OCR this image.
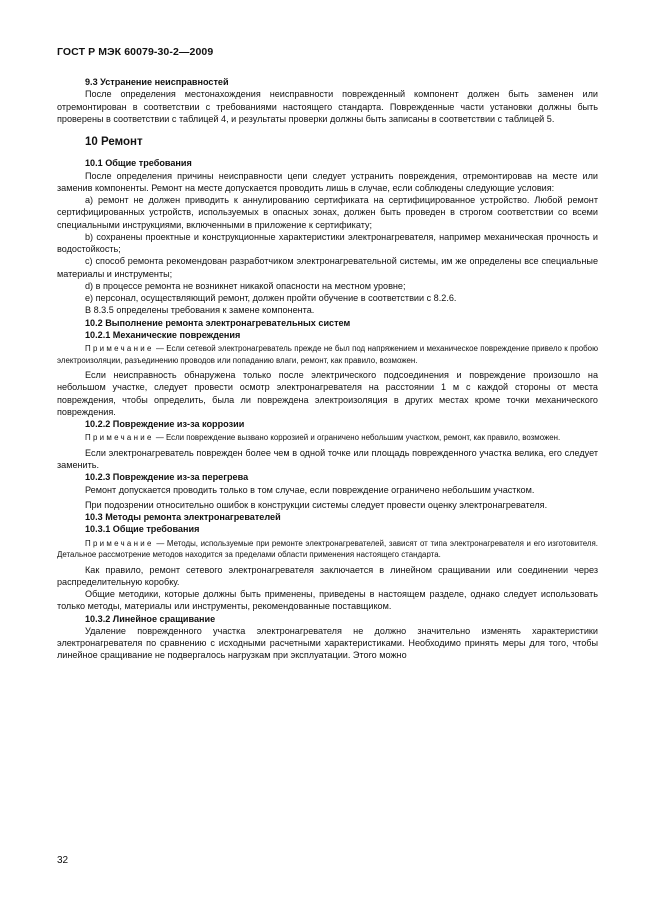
ГОСТ Р МЭК 60079-30-2—2009

9.3 Устранение неисправностей

После определения местонахождения неисправности поврежденный компонент должен быть заменен или отремонтирован в соответствии с требованиями настоящего стандарта. Поврежденные части установки должны быть проверены в соответствии с таблицей 4, и результаты проверки должны быть записаны в соответствии с таблицей 5.

10 Ремонт

10.1 Общие требования

После определения причины неисправности цепи следует устранить повреждения, отремонтировав на месте или заменив компоненты. Ремонт на месте допускается проводить лишь в случае, если соблюдены следующие условия:

а) ремонт не должен приводить к аннулированию сертификата на сертифицированное устройство. Любой ремонт сертифицированных устройств, используемых в опасных зонах, должен быть проведен в строгом соответствии со всеми специальными инструкциями, включенными в приложение к сертификату;

b) сохранены проектные и конструкционные характеристики электронагревателя, например механическая прочность и водостойкость;

c) способ ремонта рекомендован разработчиком электронагревательной системы, им же определены все специальные материалы и инструменты;

d) в процессе ремонта не возникнет никакой опасности на местном уровне;

е) персонал, осуществляющий ремонт, должен пройти обучение в соответствии с 8.2.6.

В 8.3.5 определены требования к замене компонента.

10.2 Выполнение ремонта электронагревательных систем

10.2.1 Механические повреждения

Примечание — Если сетевой электронагреватель прежде не был под напряжением и механическое повреждение привело к пробою электроизоляции, разъединению проводов или попаданию влаги, ремонт, как правило, возможен.

Если неисправность обнаружена только после электрического подсоединения и повреждение произошло на небольшом участке, следует провести осмотр электронагревателя на расстоянии 1 м с каждой стороны от места повреждения, чтобы определить, была ли повреждена электроизоляция в других местах кроме точки механического повреждения.

10.2.2 Повреждение из-за коррозии

Примечание — Если повреждение вызвано коррозией и ограничено небольшим участком, ремонт, как правило, возможен.

Если электронагреватель поврежден более чем в одной точке или площадь поврежденного участка велика, его следует заменить.

10.2.3 Повреждение из-за перегрева

Ремонт допускается проводить только в том случае, если повреждение ограничено небольшим участком.

При подозрении относительно ошибок в конструкции системы следует провести оценку электронагревателя.

10.3 Методы ремонта электронагревателей

10.3.1 Общие требования

Примечание — Методы, используемые при ремонте электронагревателей, зависят от типа электронагревателя и его изготовителя. Детальное рассмотрение методов находится за пределами области применения настоящего стандарта.

Как правило, ремонт сетевого электронагревателя заключается в линейном сращивании или соединении через распределительную коробку.

Общие методики, которые должны быть применены, приведены в настоящем разделе, однако следует использовать только методы, материалы или инструменты, рекомендованные поставщиком.

10.3.2 Линейное сращивание

Удаление поврежденного участка электронагревателя не должно значительно изменять характеристики электронагревателя по сравнению с исходными расчетными характеристиками. Необходимо принять меры для того, чтобы линейное сращивание не подвергалось нагрузкам при эксплуатации. Этого можно

32
